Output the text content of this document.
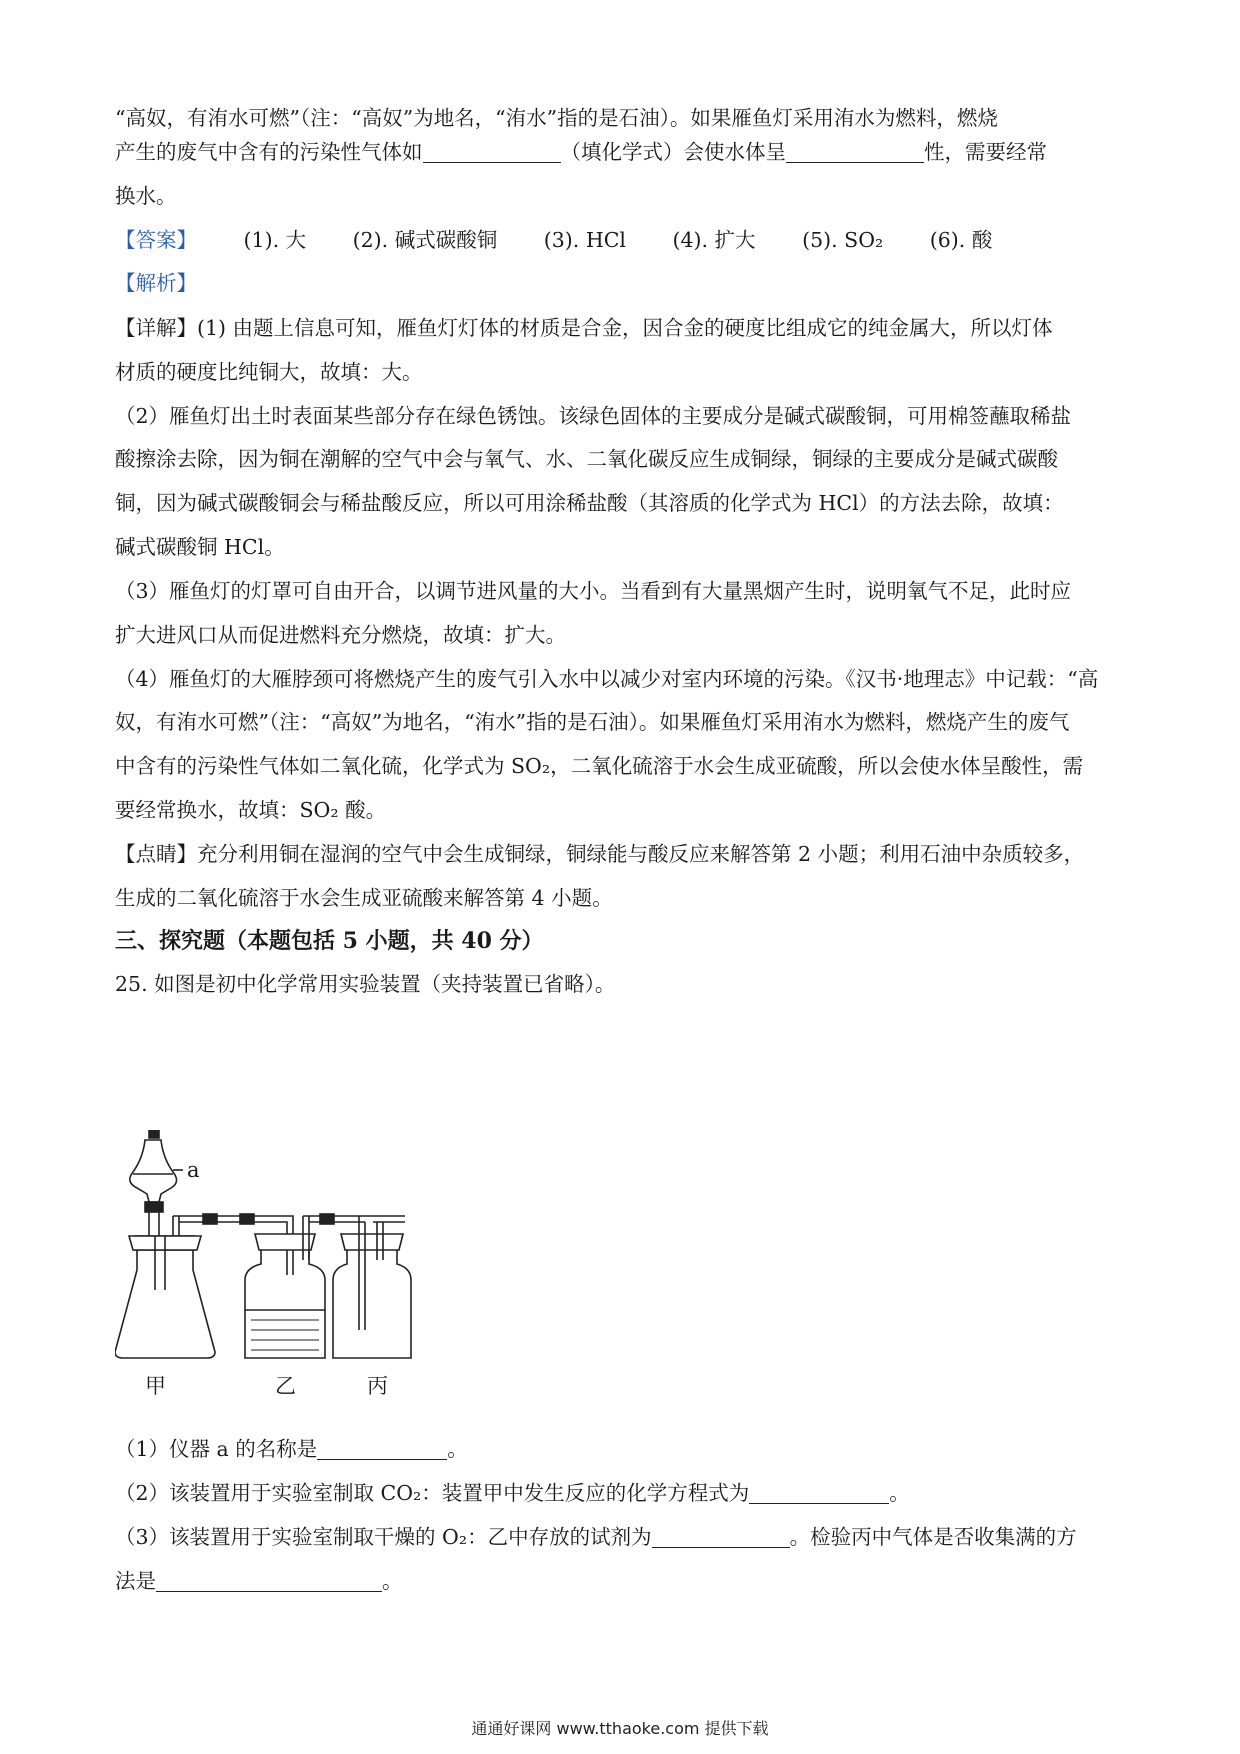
“高奴，有洧水可燃”（注：“高奴”为地名，“洧水”指的是石油）。如果雁鱼灯采用洧水为燃料，燃烧
产生的废气中含有的污染性气体如	（填化学式）会使水体呈	性，需要经常
换水。
【答案】 (1). 大 (2). 碱式碳酸铜 (3). HCl (4). 扩大 (5). SO₂ (6). 酸
【解析】
【详解】(1) 由题上信息可知，雁鱼灯灯体的材质是合金，因合金的硬度比组成它的纯金属大，所以灯体
材质的硬度比纯铜大，故填：大。
（2）雁鱼灯出土时表面某些部分存在绿色锈蚀。该绿色固体的主要成分是碱式碳酸铜，可用棉签蘸取稀盐
酸擦涂去除，因为铜在潮解的空气中会与氧气、水、二氧化碳反应生成铜绿，铜绿的主要成分是碱式碳酸
铜，因为碱式碳酸铜会与稀盐酸反应，所以可用涂稀盐酸（其溶质的化学式为 HCl）的方法去除，故填：
碱式碳酸铜 HCl。
（3）雁鱼灯的灯罩可自由开合，以调节进风量的大小。当看到有大量黑烟产生时，说明氧气不足，此时应
扩大进风口从而促进燃料充分燃烧，故填：扩大。
（4）雁鱼灯的大雁脖颈可将燃烧产生的废气引入水中以减少对室内环境的污染。《汉书·地理志》中记载：“高
奴，有洧水可燃”（注：“高奴”为地名，“洧水”指的是石油）。如果雁鱼灯采用洧水为燃料，燃烧产生的废气
中含有的污染性气体如二氧化硫，化学式为 SO₂，二氧化硫溶于水会生成亚硫酸，所以会使水体呈酸性，需
要经常换水，故填：SO₂ 酸。
【点睛】充分利用铜在湿润的空气中会生成铜绿，铜绿能与酸反应来解答第 2 小题；利用石油中杂质较多，
生成的二氧化硫溶于水会生成亚硫酸来解答第 4 小题。
三、探究题（本题包括 5 小题，共 40 分）
25. 如图是初中化学常用实验装置（夹持装置已省略）。
a
甲	乙	丙
（1）仪器 a 的名称是	。
（2）该装置用于实验室制取 CO₂：装置甲中发生反应的化学方程式为	。
（3）该装置用于实验室制取干燥的 O₂：乙中存放的试剂为	。检验丙中气体是否收集满的方
法是	。
通通好课网 www.tthaoke.com 提供下载
